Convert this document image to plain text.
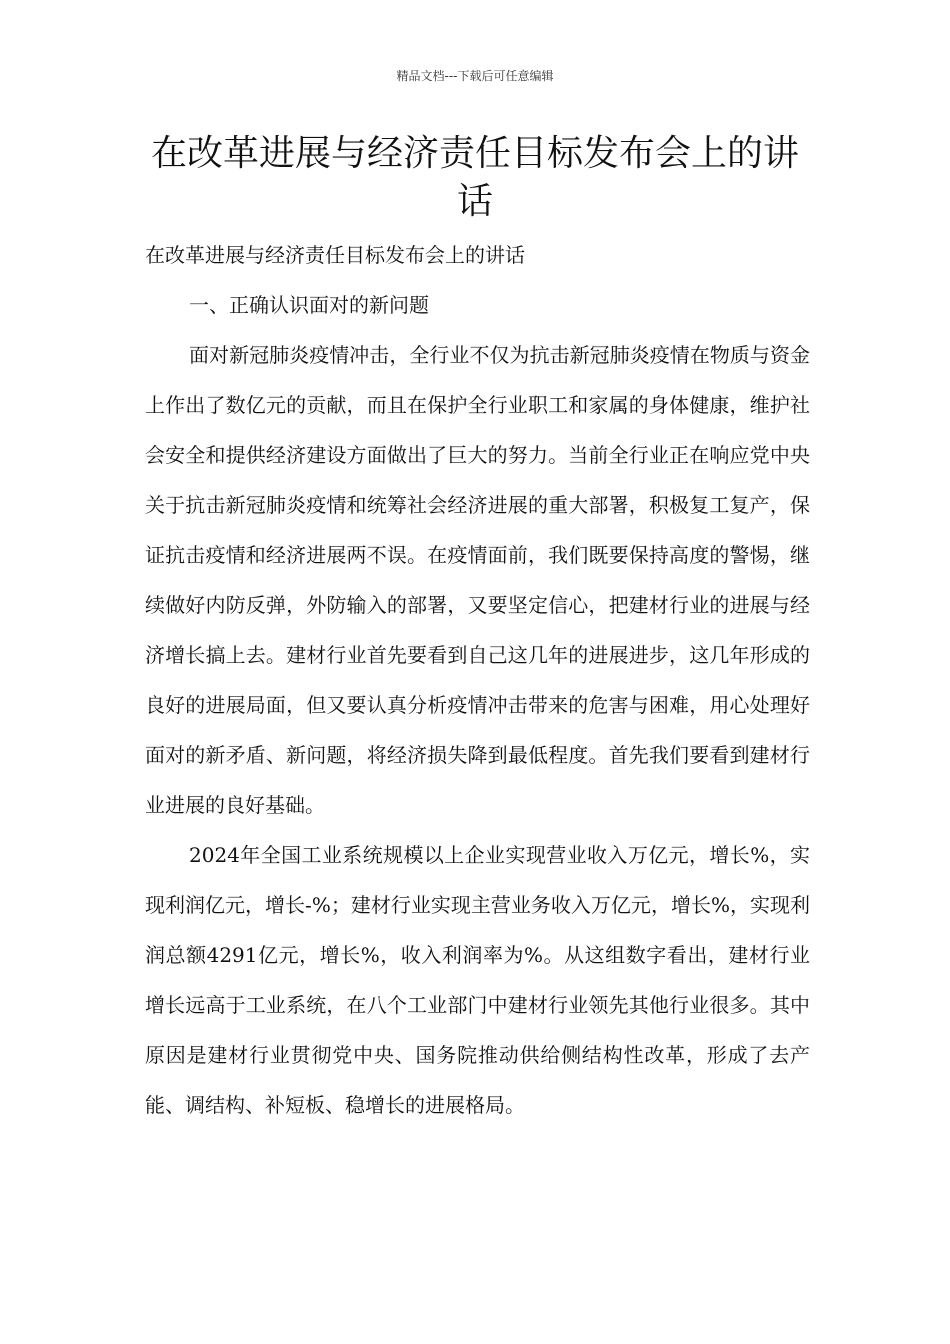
精品文档---下载后可任意编辑
在改革进展与经济责任目标发布会上的讲话

在改革进展与经济责任目标发布会上的讲话

一、正确认识面对的新问题

面对新冠肺炎疫情冲击，全行业不仅为抗击新冠肺炎疫情在物质与资金上作出了数亿元的贡献，而且在保护全行业职工和家属的身体健康，维护社会安全和提供经济建设方面做出了巨大的努力。当前全行业正在响应党中央关于抗击新冠肺炎疫情和统筹社会经济进展的重大部署，积极复工复产，保证抗击疫情和经济进展两不误。在疫情面前，我们既要保持高度的警惕，继续做好内防反弹，外防输入的部署，又要坚定信心，把建材行业的进展与经济增长搞上去。建材行业首先要看到自己这几年的进展进步，这几年形成的良好的进展局面，但又要认真分析疫情冲击带来的危害与困难，用心处理好面对的新矛盾、新问题，将经济损失降到最低程度。首先我们要看到建材行业进展的良好基础。

2024年全国工业系统规模以上企业实现营业收入万亿元，增长%，实现利润亿元，增长-%；建材行业实现主营业务收入万亿元，增长%，实现利润总额4291亿元，增长%，收入利润率为%。从这组数字看出，建材行业增长远高于工业系统，在八个工业部门中建材行业领先其他行业很多。其中原因是建材行业贯彻党中央、国务院推动供给侧结构性改革，形成了去产能、调结构、补短板、稳增长的进展格局。
